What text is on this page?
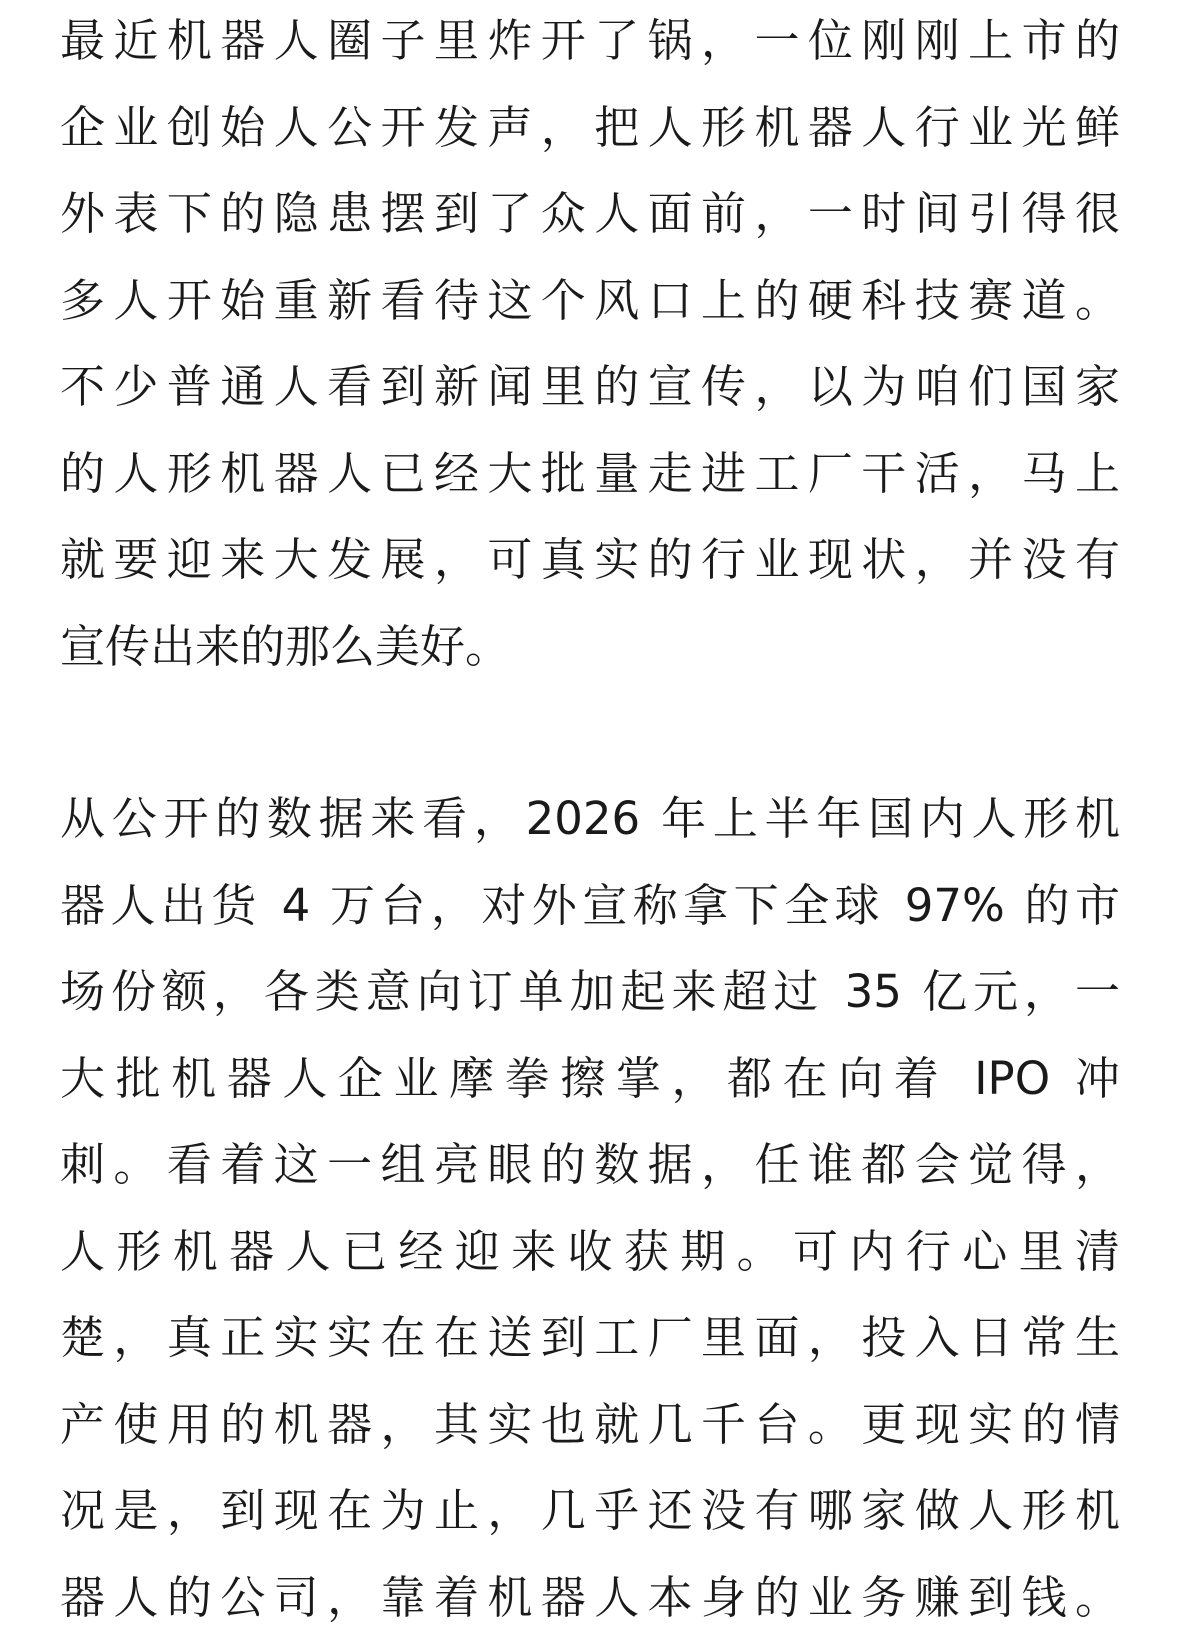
最近机器人圈子里炸开了锅，一位刚刚上市的
企业创始人公开发声，把人形机器人行业光鲜
外表下的隐患摆到了众人面前，一时间引得很
多人开始重新看待这个风口上的硬科技赛道。
不少普通人看到新闻里的宣传，以为咱们国家
的人形机器人已经大批量走进工厂干活，马上
就要迎来大发展，可真实的行业现状，并没有
宣传出来的那么美好。
从公开的数据来看，2026 年上半年国内人形机
器人出货 4 万台，对外宣称拿下全球 97% 的市
场份额，各类意向订单加起来超过 35 亿元，一
大批机器人企业摩拳擦掌，都在向着 IPO 冲
刺。看着这一组亮眼的数据，任谁都会觉得，
人形机器人已经迎来收获期。可内行心里清
楚，真正实实在在送到工厂里面，投入日常生
产使用的机器，其实也就几千台。更现实的情
况是，到现在为止，几乎还没有哪家做人形机
器人的公司，靠着机器人本身的业务赚到钱。
